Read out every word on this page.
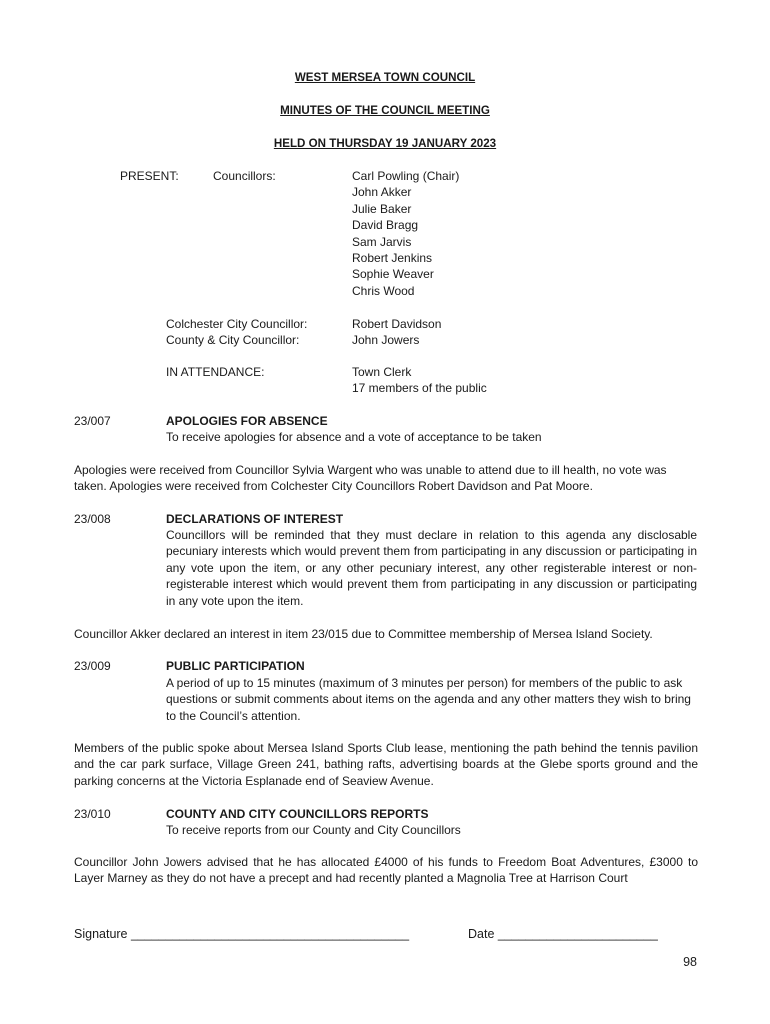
WEST MERSEA TOWN COUNCIL
MINUTES OF THE COUNCIL MEETING
HELD ON THURSDAY 19 JANUARY 2023
PRESENT:	Councillors:	Carl Powling (Chair)
John Akker
Julie Baker
David Bragg
Sam Jarvis
Robert Jenkins
Sophie Weaver
Chris Wood
Colchester City Councillor:	Robert Davidson
County & City Councillor:	John Jowers
IN ATTENDANCE:	Town Clerk
17 members of the public
23/007	APOLOGIES FOR ABSENCE
To receive apologies for absence and a vote of acceptance to be taken
Apologies were received from Councillor Sylvia Wargent who was unable to attend due to ill health, no vote was taken. Apologies were received from Colchester City Councillors Robert Davidson and Pat Moore.
23/008	DECLARATIONS OF INTEREST
Councillors will be reminded that they must declare in relation to this agenda any disclosable pecuniary interests which would prevent them from participating in any discussion or participating in any vote upon the item, or any other pecuniary interest, any other registerable interest or non-registerable interest which would prevent them from participating in any discussion or participating in any vote upon the item.
Councillor Akker declared an interest in item 23/015 due to Committee membership of Mersea Island Society.
23/009	PUBLIC PARTICIPATION
A period of up to 15 minutes (maximum of 3 minutes per person) for members of the public to ask questions or submit comments about items on the agenda and any other matters they wish to bring to the Council’s attention.
Members of the public spoke about Mersea Island Sports Club lease, mentioning the path behind the tennis pavilion and the car park surface, Village Green 241, bathing rafts, advertising boards at the Glebe sports ground and the parking concerns at the Victoria Esplanade end of Seaview Avenue.
23/010	COUNTY AND CITY COUNCILLORS REPORTS
To receive reports from our County and City Councillors
Councillor John Jowers advised that he has allocated £4000 of his funds to Freedom Boat Adventures, £3000 to Layer Marney as they do not have a precept and had recently planted a Magnolia Tree at Harrison Court
Signature ________________________________________	Date _______________________
98
